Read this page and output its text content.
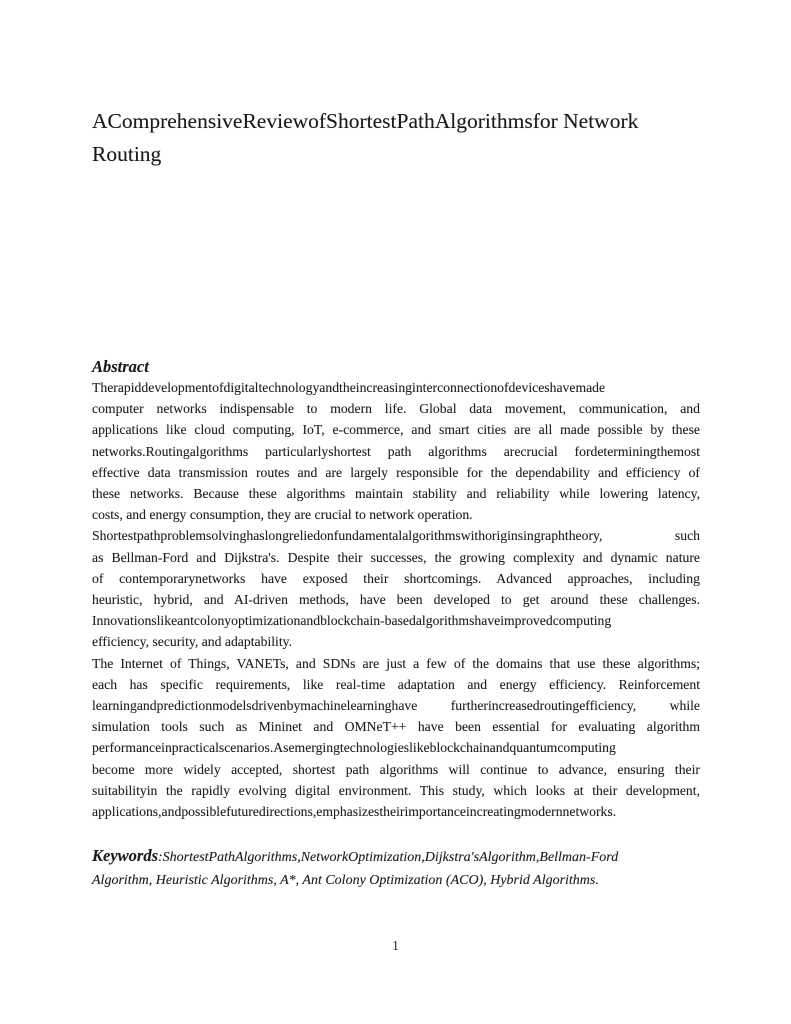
AComprehensiveReviewofShortestPathAlgorithmsfor Network
Routing
Abstract
Therapiddevelopmentofdigitaltechnologyandtheincreasinginterconnectionofdeviceshavemade
computer networks indispensable to modern life. Global data movement, communication, and
applications like cloud computing, IoT, e-commerce, and smart cities are all made possible by these
networks.Routingalgorithms particularlyshortest path algorithms arecrucial fordeterminingthemost
effective data transmission routes and are largely responsible for the dependability and efficiency of
these networks. Because these algorithms maintain stability and reliability while lowering latency,
costs, and energy consumption, they are crucial to network operation.
Shortestpathproblemsolvinghaslongreliedonfundamentalalgorithmswithoriginsingraphtheory, such
as Bellman-Ford and Dijkstra's. Despite their successes, the growing complexity and dynamic nature
of contemporarynetworks have exposed their shortcomings. Advanced approaches, including
heuristic, hybrid, and AI-driven methods, have been developed to get around these challenges.
Innovationslikeantcolonyoptimizationandblockchain-basedalgorithmshaveimprovedcomputing
efficiency, security, and adaptability.
The Internet of Things, VANETs, and SDNs are just a few of the domains that use these algorithms;
each has specific requirements, like real-time adaptation and energy efficiency. Reinforcement
learningandpredictionmodelsdrivenbymachinelearninghave furtherincreasedroutingefficiency, while
simulation tools such as Mininet and OMNeT++ have been essential for evaluating algorithm
performanceinpracticalscenarios.Asemergingtechnologieslikeblockchainandquantumcomputing
become more widely accepted, shortest path algorithms will continue to advance, ensuring their
suitabilityin the rapidly evolving digital environment. This study, which looks at their development,
applications,andpossiblefuturedirections,emphasizestheirimportanceincreatingmodernnetworks.
Keywords:ShortestPathAlgorithms,NetworkOptimization,Dijkstra'sAlgorithm,Bellman-Ford
Algorithm, Heuristic Algorithms, A*, Ant Colony Optimization (ACO), Hybrid Algorithms.
1
